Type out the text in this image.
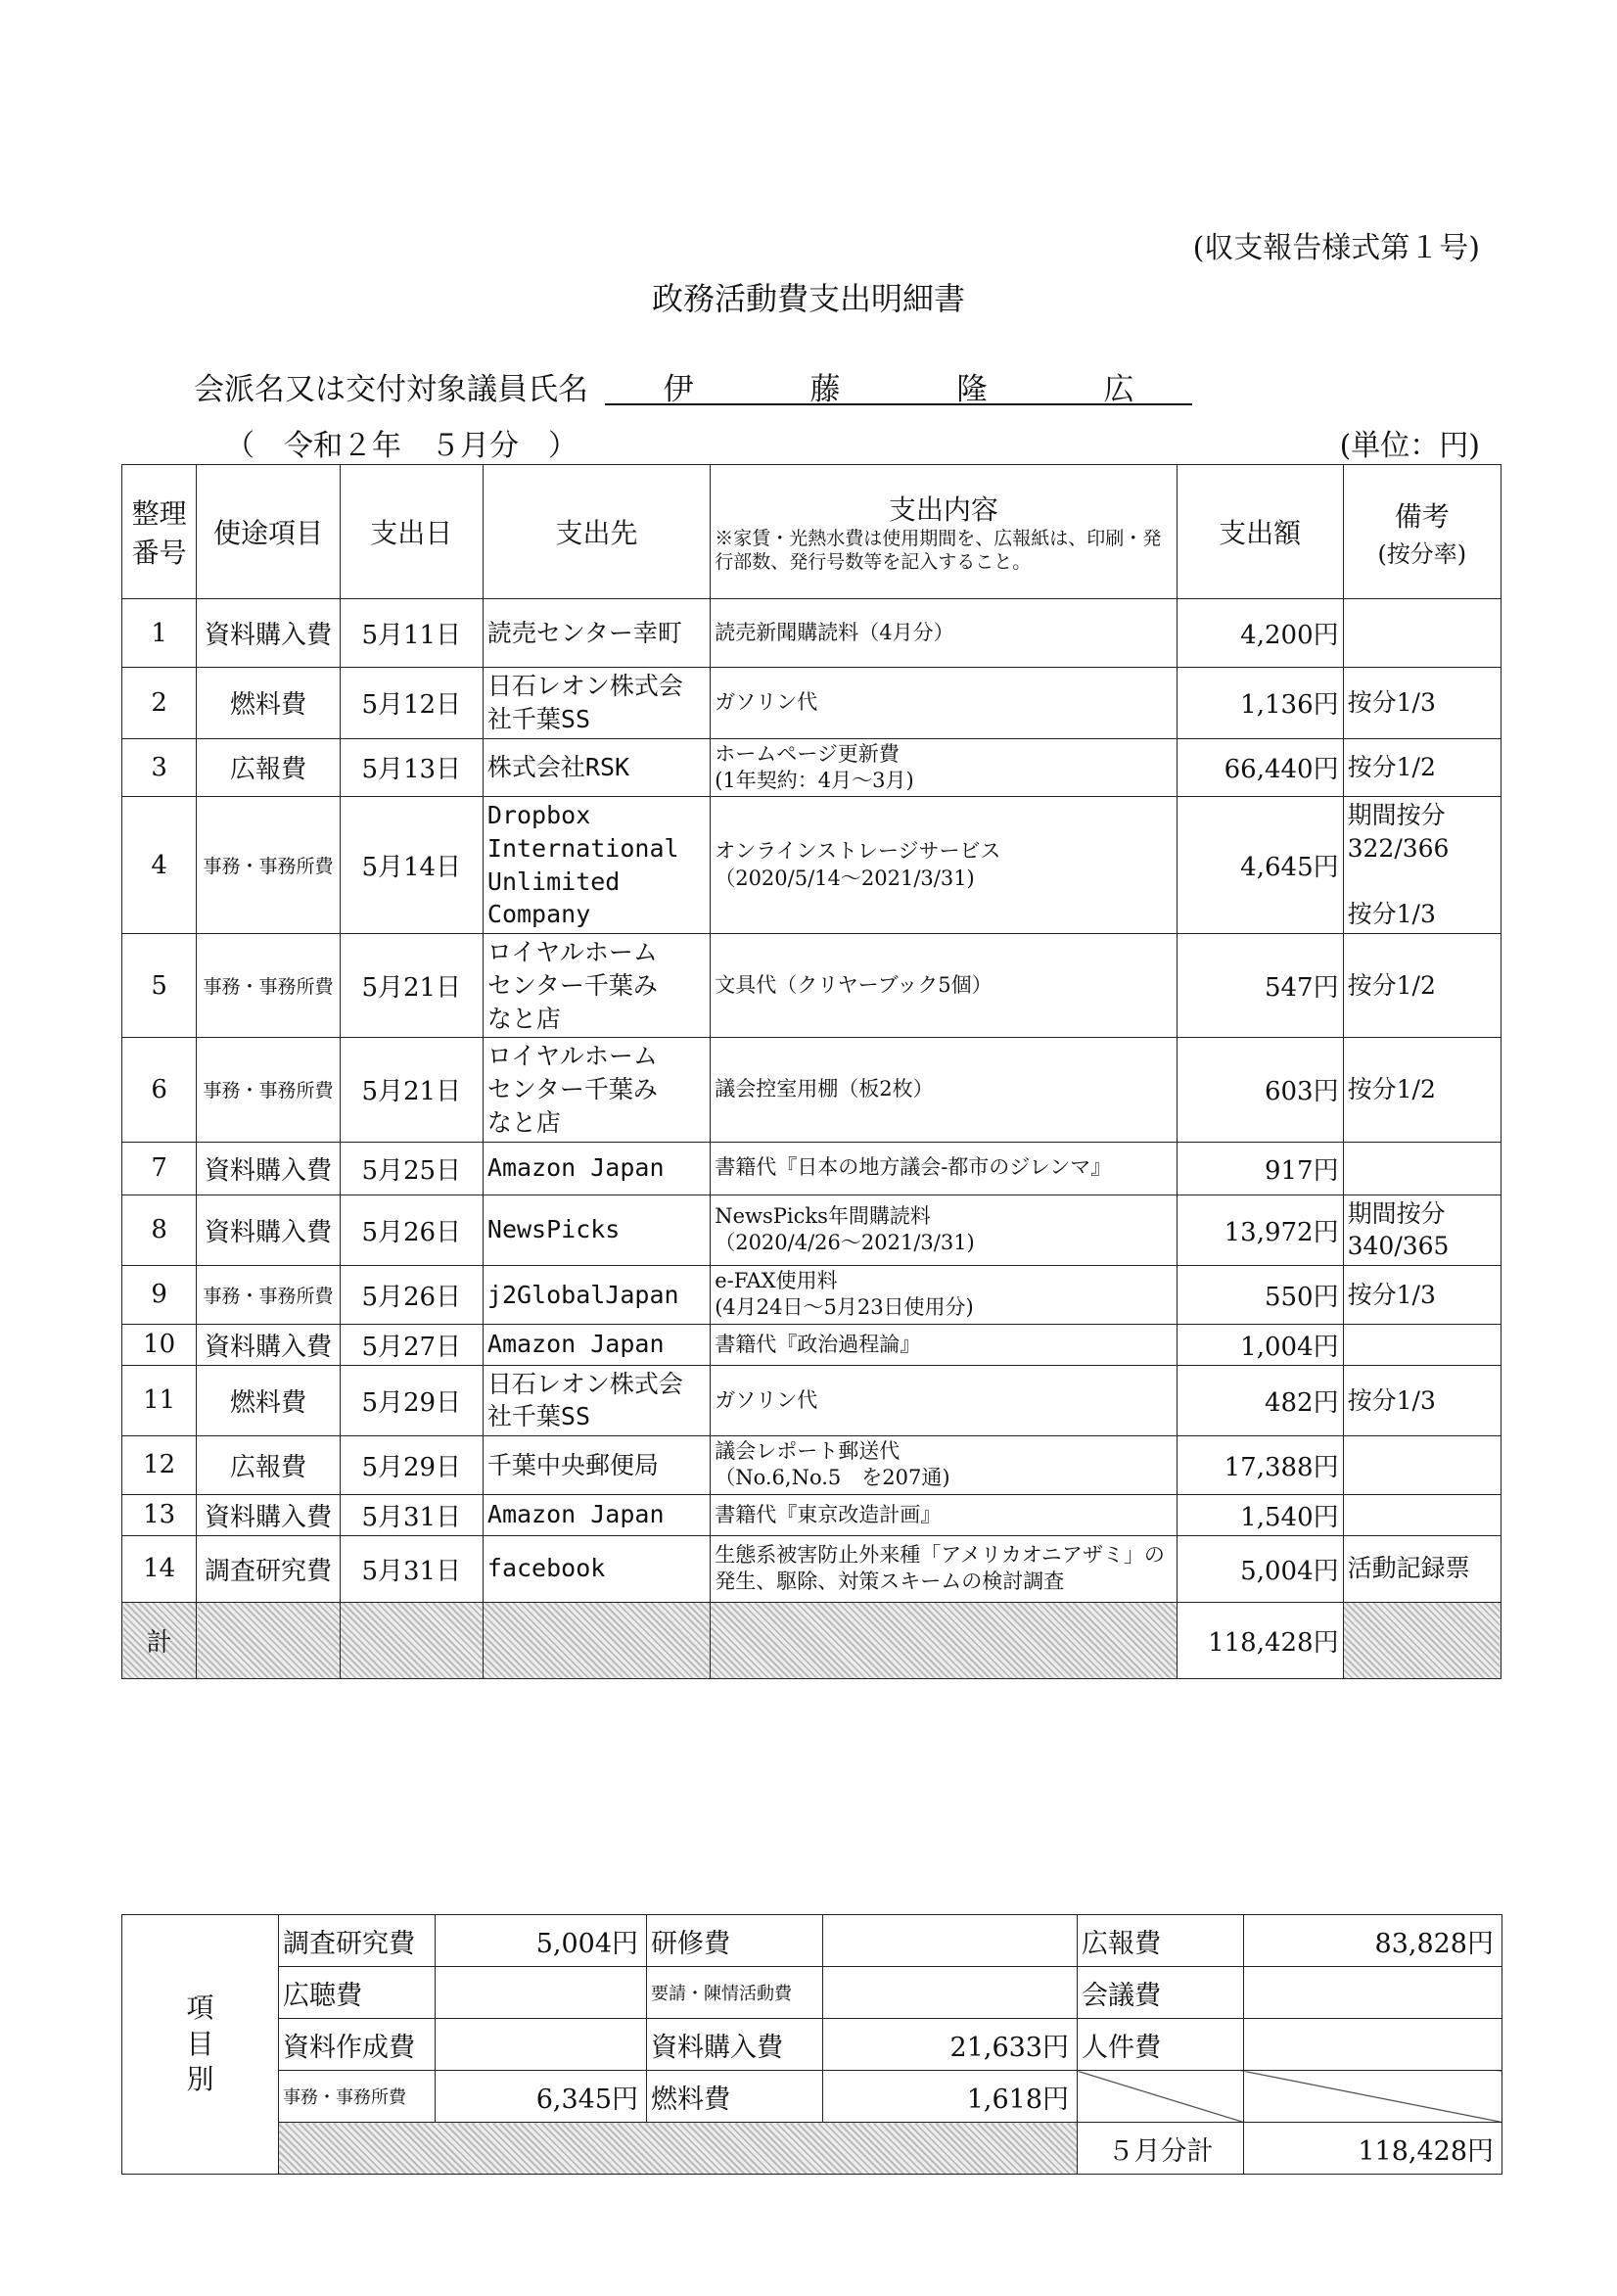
(収支報告様式第１号)
政務活動費支出明細書
会派名又は交付対象議員氏名 伊	藤	隆	広
（　令和２年　５月分　）	(単位：円)
整理番号	使途項目	支出日	支出先	支出内容
※家賃・光熱水費は使用期間を、広報紙は、印刷・発行部数、発行号数等を記入すること。	支出額	備考
(按分率)

1	資料購入費	5月11日	読売センター幸町	読売新聞購読料（4月分）	4,200円	
2	燃料費	5月12日	日石レオン株式会社千葉SS	ガソリン代	1,136円	按分1/3
3	広報費	5月13日	株式会社RSK	ホームページ更新費
(1年契約：4月～3月)	66,440円	按分1/2
4	事務・事務所費	5月14日	Dropbox
International
Unlimited
Company	オンラインストレージサービス
（2020/5/14～2021/3/31)	4,645円	期間按分
322/366

按分1/3
5	事務・事務所費	5月21日	ロイヤルホーム
センター千葉み
なと店	文具代（クリヤーブック5個）	547円	按分1/2
6	事務・事務所費	5月21日	ロイヤルホーム
センター千葉み
なと店	議会控室用棚（板2枚）	603円	按分1/2
7	資料購入費	5月25日	Amazon Japan	書籍代『日本の地方議会-都市のジレンマ』	917円	
8	資料購入費	5月26日	NewsPicks	NewsPicks年間購読料
（2020/4/26～2021/3/31)	13,972円	期間按分
340/365
9	事務・事務所費	5月26日	j2GlobalJapan	e-FAX使用料
(4月24日～5月23日使用分)	550円	按分1/3
10	資料購入費	5月27日	Amazon Japan	書籍代『政治過程論』	1,004円	
11	燃料費	5月29日	日石レオン株式会社千葉SS	ガソリン代	482円	按分1/3
12	広報費	5月29日	千葉中央郵便局	議会レポート郵送代
（No.6,No.5　を207通)	17,388円	
13	資料購入費	5月31日	Amazon Japan	書籍代『東京改造計画』	1,540円	
14	調査研究費	5月31日	facebook	生態系被害防止外来種「アメリカオニアザミ」の発生、駆除、対策スキームの検討調査	5,004円	活動記録票
計					118,428円	
項
目
別	調査研究費	5,004円	研修費		広報費	83,828円
	広聴費		要請・陳情活動費		会議費	
	資料作成費		資料購入費	21,633円	人件費	
	事務・事務所費	6,345円	燃料費	1,618円		
					５月分計	118,428円
